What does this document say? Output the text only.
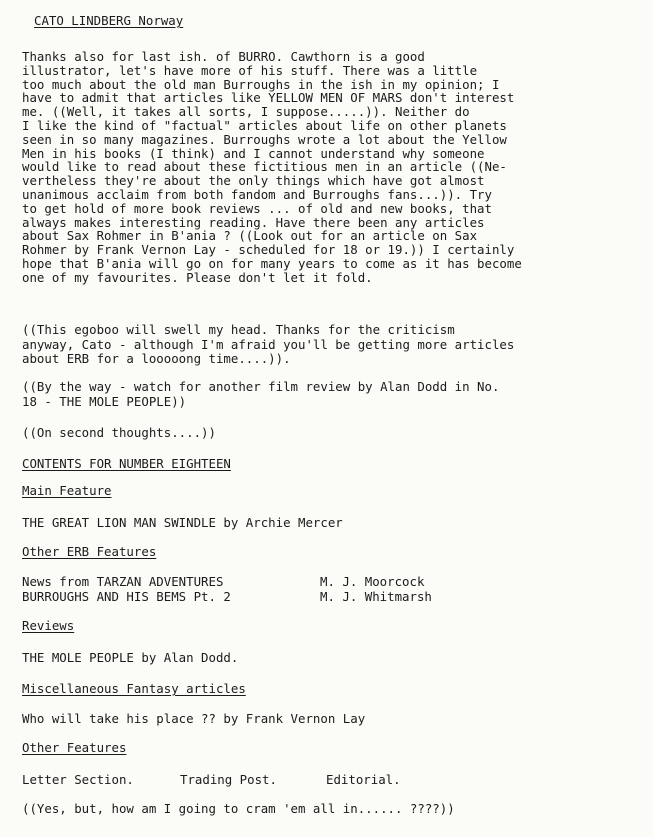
CATO LINDBERG Norway
Thanks also for last ish. of BURRO. Cawthorn is a good
illustrator, let's have more of his stuff. There was a little
too much about the old man Burroughs in the ish in my opinion; I
have to admit that articles like YELLOW MEN OF MARS don't interest
me. ((Well, it takes all sorts, I suppose.....)). Neither do
I like the kind of "factual" articles about life on other planets
seen in so many magazines. Burroughs wrote a lot about the Yellow
Men in his books (I think) and I cannot understand why someone
would like to read about these fictitious men in an article ((Ne-
vertheless they're about the only things which have got almost
unanimous acclaim from both fandom and Burroughs fans...)). Try
to get hold of more book reviews ... of old and new books, that
always makes interesting reading. Have there been any articles
about Sax Rohmer in B'ania ? ((Look out for an article on Sax
Rohmer by Frank Vernon Lay - scheduled for 18 or 19.)) I certainly
hope that B'ania will go on for many years to come as it has become
one of my favourites. Please don't let it fold.
((This egoboo will swell my head. Thanks for the criticism
anyway, Cato - although I'm afraid you'll be getting more articles
about ERB for a looooong time....)).
((By the way - watch for another film review by Alan Dodd in No.
18 - THE MOLE PEOPLE))
((On second thoughts....))
CONTENTS FOR NUMBER EIGHTEEN
Main Feature
THE GREAT LION MAN SWINDLE by Archie Mercer
Other ERB Features
News from TARZAN ADVENTURES
BURROUGHS AND HIS BEMS Pt. 2
M. J. Moorcock
M. J. Whitmarsh
Reviews
THE MOLE PEOPLE by Alan Dodd.
Miscellaneous Fantasy articles
Who will take his place ?? by Frank Vernon Lay
Other Features
Letter Section.	Trading Post.	Editorial.
((Yes, but, how am I going to cram 'em all in...... ????))
